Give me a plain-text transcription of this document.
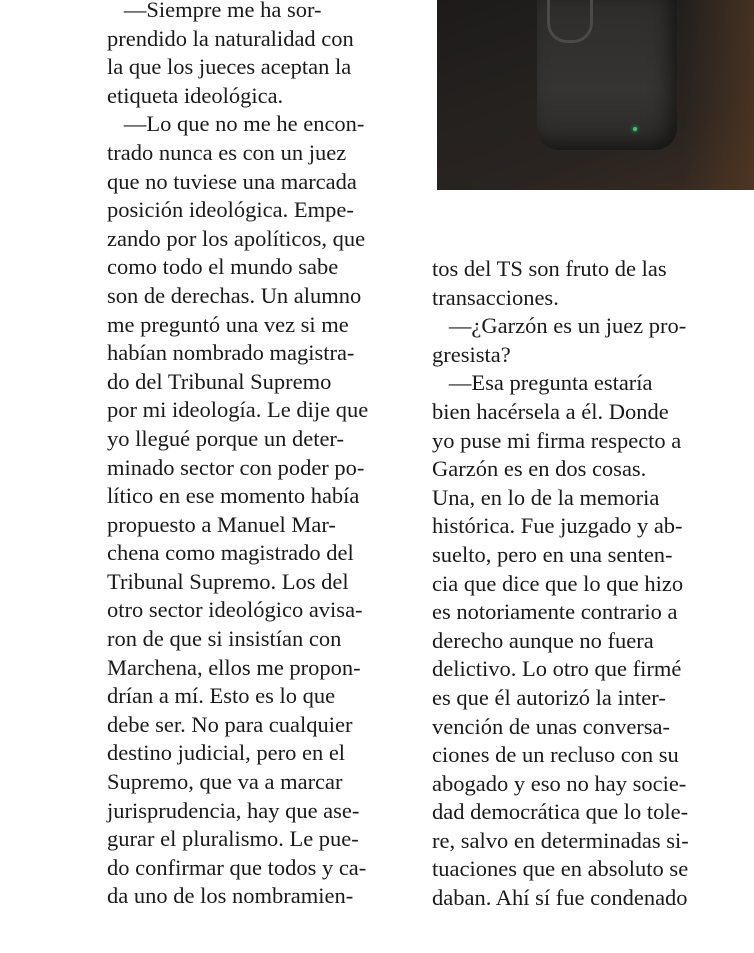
—Siempre me ha sor-
prendido la naturalidad con
la que los jueces aceptan la
etiqueta ideológica.
—Lo que no me he encon-
trado nunca es con un juez
que no tuviese una marcada
posición ideológica. Empe-
zando por los apolíticos, que
como todo el mundo sabe
son de derechas. Un alumno
me preguntó una vez si me
habían nombrado magistra-
do del Tribunal Supremo
por mi ideología. Le dije que
yo llegué porque un deter-
minado sector con poder po-
lítico en ese momento había
propuesto a Manuel Mar-
chena como magistrado del
Tribunal Supremo. Los del
otro sector ideológico avisa-
ron de que si insistían con
Marchena, ellos me propon-
drían a mí. Esto es lo que
debe ser. No para cualquier
destino judicial, pero en el
Supremo, que va a marcar
jurisprudencia, hay que ase-
gurar el pluralismo. Le pue-
do confirmar que todos y ca-
da uno de los nombramien-
tos del TS son fruto de las
transacciones.
—¿Garzón es un juez pro-
gresista?
—Esa pregunta estaría
bien hacérsela a él. Donde
yo puse mi firma respecto a
Garzón es en dos cosas.
Una, en lo de la memoria
histórica. Fue juzgado y ab-
suelto, pero en una senten-
cia que dice que lo que hizo
es notoriamente contrario a
derecho aunque no fuera
delictivo. Lo otro que firmé
es que él autorizó la inter-
vención de unas conversa-
ciones de un recluso con su
abogado y eso no hay socie-
dad democrática que lo tole-
re, salvo en determinadas si-
tuaciones que en absoluto se
daban. Ahí sí fue condenado
